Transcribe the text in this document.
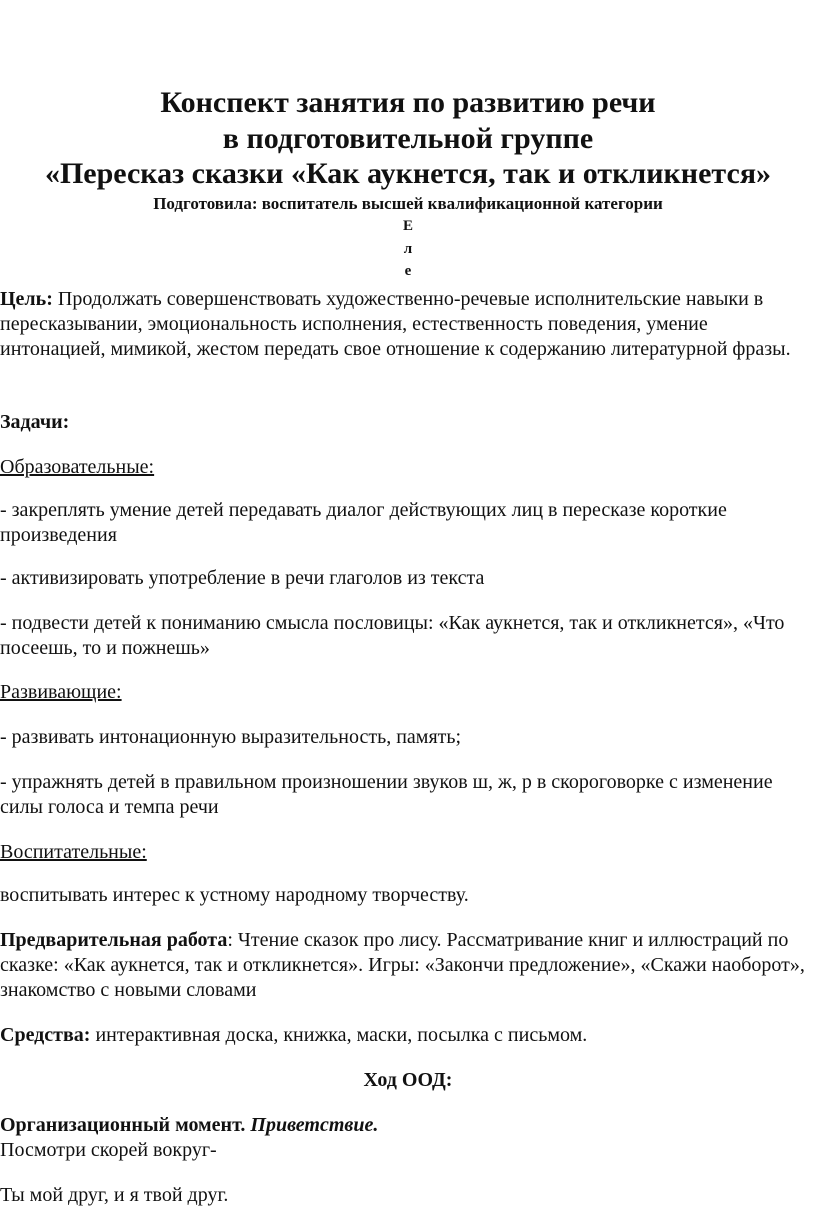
Конспект занятия по развитию речи

в подготовительной группе

«Пересказ сказки «Как аукнется, так и откликнется»

Подготовила: воспитатель высшей квалификационной категории

Е

л

е

Цель: Продолжать совершенствовать художественно-речевые исполнительские навыки в пересказывании, эмоциональность исполнения, естественность поведения, умение интонацией, мимикой, жестом передать свое отношение к содержанию литературной фразы.

Задачи:

Образовательные:

- закреплять умение детей передавать диалог действующих лиц в пересказе короткие произведения

- активизировать употребление в речи глаголов из текста

- подвести детей к пониманию смысла пословицы: «Как аукнется, так и откликнется», «Что посеешь, то и пожнешь»

Развивающие:

- развивать интонационную выразительность, память;

- упражнять детей в правильном произношении звуков ш, ж, р в скороговорке с изменение силы голоса и темпа речи

Воспитательные:

воспитывать интерес к устному народному творчеству.

Предварительная работа: Чтение сказок про лису. Рассматривание книг и иллюстраций по сказке: «Как аукнется, так и откликнется». Игры: «Закончи предложение», «Скажи наоборот», знакомство с новыми словами

Средства: интерактивная доска, книжка, маски, посылка с письмом.

Ход ООД:

Организационный момент. Приветствие.

Посмотри скорей вокруг-

Ты мой друг, и я твой друг.
